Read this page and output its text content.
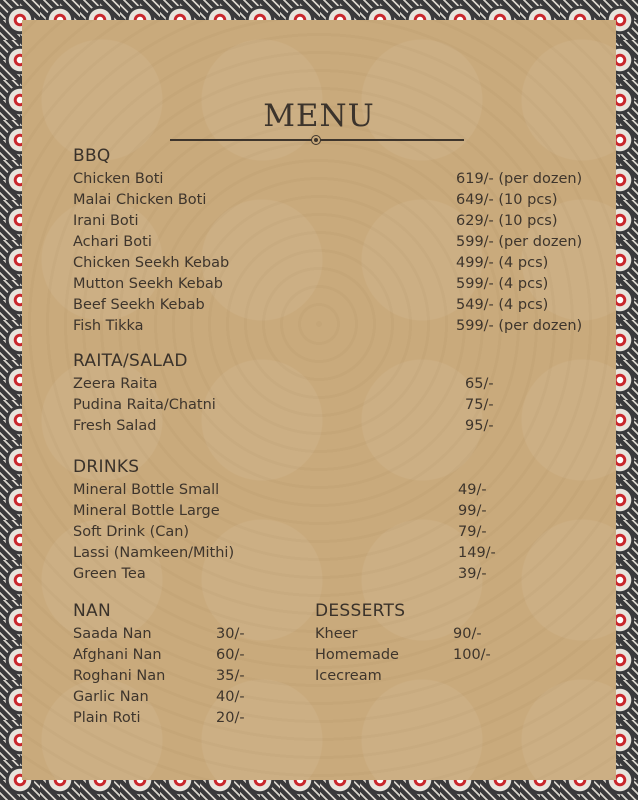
MENU
BBQ
Chicken Boti	619/- (per dozen)
Malai Chicken Boti	649/- (10 pcs)
Irani Boti	629/- (10 pcs)
Achari Boti	599/- (per dozen)
Chicken Seekh Kebab	499/- (4 pcs)
Mutton Seekh Kebab	599/- (4 pcs)
Beef Seekh Kebab	549/- (4 pcs)
Fish Tikka	599/- (per dozen)
RAITA/SALAD
Zeera Raita	65/-
Pudina Raita/Chatni	75/-
Fresh Salad	95/-
DRINKS
Mineral Bottle Small	49/-
Mineral Bottle Large	99/-
Soft Drink (Can)	79/-
Lassi (Namkeen/Mithi)	149/-
Green Tea	39/-
NAN
Saada Nan	30/-
Afghani Nan	60/-
Roghani Nan	35/-
Garlic Nan	40/-
Plain Roti	20/-
DESSERTS
Kheer	90/-
Homemade	100/-
Icecream
